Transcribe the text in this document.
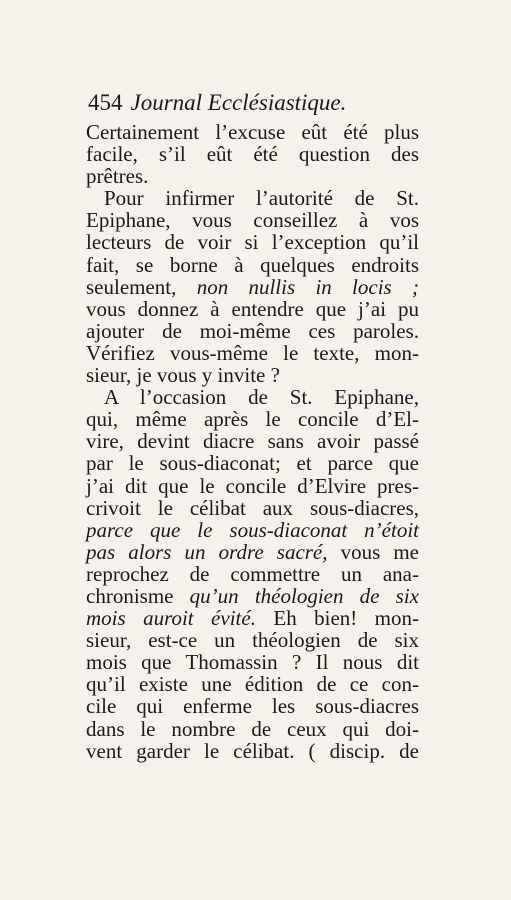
454 Journal Ecclésiastique.
Certainement l’excuse eût été plus
facile, s’il eût été question des
prêtres.
Pour infirmer l’autorité de St.
Epiphane, vous conseillez à vos
lecteurs de voir si l’exception qu’il
fait, se borne à quelques endroits
seulement, non nullis in locis ;
vous donnez à entendre que j’ai pu
ajouter de moi-même ces paroles.
Vérifiez vous-même le texte, mon-
sieur, je vous y invite ?
A l’occasion de St. Epiphane,
qui, même après le concile d’El-
vire, devint diacre sans avoir passé
par le sous-diaconat; et parce que
j’ai dit que le concile d’Elvire pres-
crivoit le célibat aux sous-diacres,
parce que le sous-diaconat n’étoit
pas alors un ordre sacré, vous me
reprochez de commettre un ana-
chronisme qu’un théologien de six
mois auroit évité. Eh bien! mon-
sieur, est-ce un théologien de six
mois que Thomassin ? Il nous dit
qu’il existe une édition de ce con-
cile qui enferme les sous-diacres
dans le nombre de ceux qui doi-
vent garder le célibat. ( discip. de
